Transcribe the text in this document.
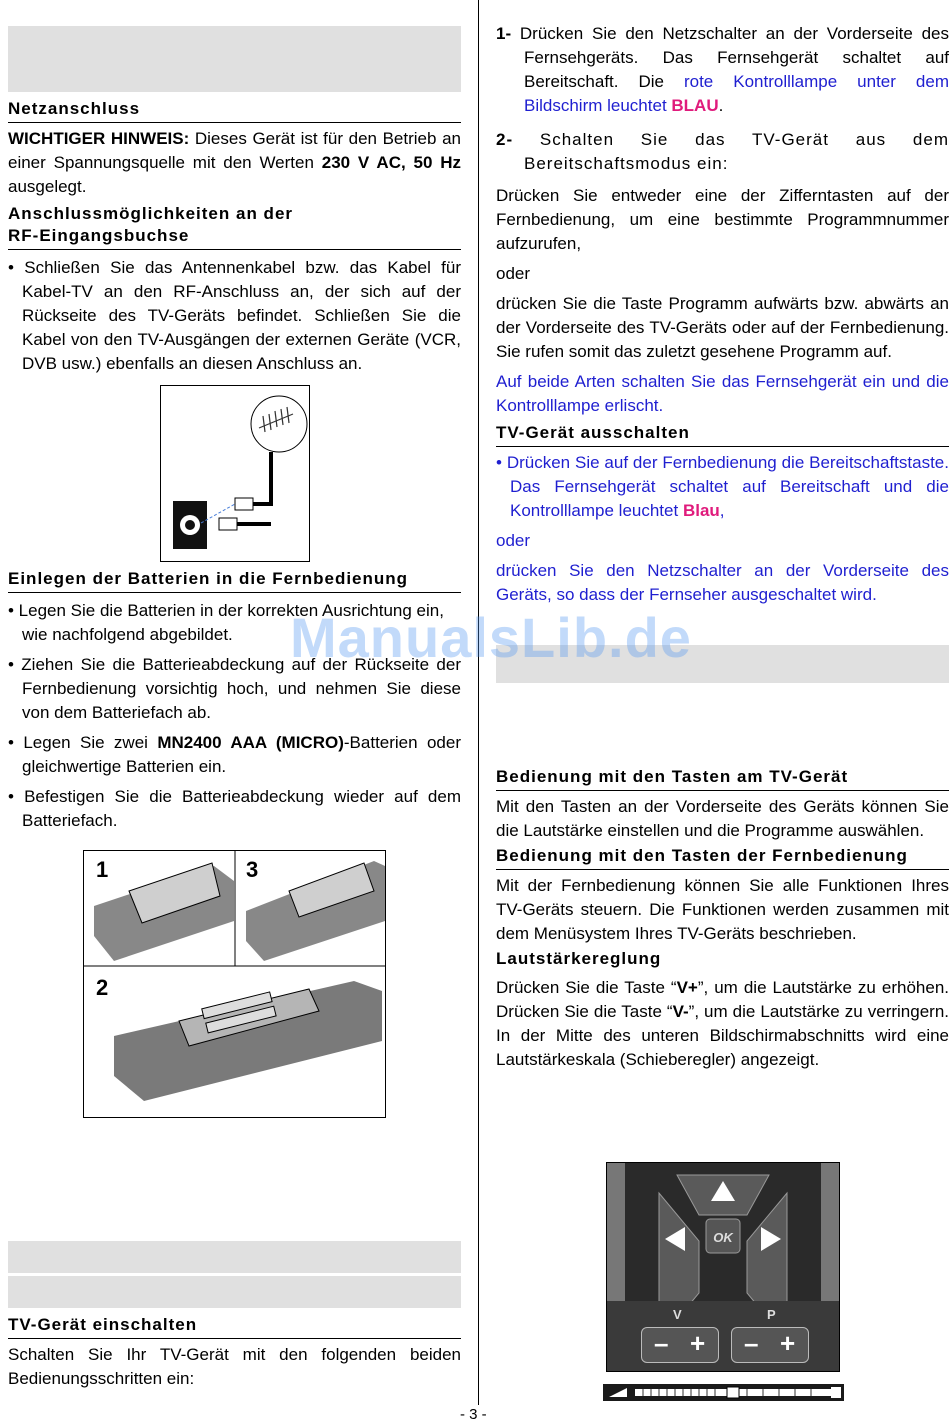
Netzanschluss

WICHTIGER HINWEIS: Dieses Gerät ist für den Betrieb an einer Spannungsquelle mit den Werten 230 V AC, 50 Hz ausgelegt.

Anschlussmöglichkeiten an der
RF-Eingangsbuchse

• Schließen Sie das Antennenkabel bzw. das Kabel für Kabel-TV an den RF-Anschluss an, der sich auf der Rückseite des TV-Geräts befindet. Schließen Sie die Kabel von den TV-Ausgängen der externen Geräte (VCR, DVB usw.) ebenfalls an diesen Anschluss an.

Einlegen der Batterien in die Fernbedienung

• Legen Sie die Batterien in der korrekten Ausrichtung ein, wie nachfolgend abgebildet.

• Ziehen Sie die Batterieabdeckung auf der Rückseite der Fernbedienung vorsichtig hoch, und nehmen Sie diese von dem Batteriefach ab.

• Legen Sie zwei MN2400 AAA (MICRO)-Batterien oder gleichwertige Batterien ein.

• Befestigen Sie die Batterieabdeckung wieder auf dem Batteriefach.

1	3
2
TV-Gerät einschalten

Schalten Sie Ihr TV-Gerät mit den folgenden beiden Bedienungsschritten ein:

1- Drücken Sie den Netzschalter an der Vorderseite des Fernsehgeräts. Das Fernsehgerät schaltet auf Bereitschaft. Die rote Kontrolllampe unter dem Bildschirm leuchtet BLAU.

2- Schalten Sie das TV-Gerät aus dem Bereitschaftsmodus ein:

Drücken Sie entweder eine der Zifferntasten auf der Fernbedienung, um eine bestimmte Programmnummer aufzurufen,

oder

drücken Sie die Taste Programm aufwärts bzw. abwärts an der Vorderseite des TV-Geräts oder auf der Fernbedienung. Sie rufen somit das zuletzt gesehene Programm auf.

Auf beide Arten schalten Sie das Fernsehgerät ein und die Kontrolllampe erlischt.

TV-Gerät ausschalten

• Drücken Sie auf der Fernbedienung die Bereitschaftstaste. Das Fernsehgerät schaltet auf Bereitschaft und die Kontrolllampe leuchtet Blau,

oder

drücken Sie den Netzschalter an der Vorderseite des Geräts, so dass der Fernseher ausgeschaltet wird.

Bedienung mit den Tasten am TV-Gerät

Mit den Tasten an der Vorderseite des Geräts können Sie die Lautstärke einstellen und die Programme auswählen.

Bedienung mit den Tasten der Fernbedienung

Mit der Fernbedienung können Sie alle Funktionen Ihres TV-Geräts steuern. Die Funktionen werden zusammen mit dem Menüsystem Ihres TV-Geräts beschrieben.

Lautstärkereglung

Drücken Sie die Taste “V+”, um die Lautstärke zu erhöhen. Drücken Sie die Taste “V-”, um die Lautstärke zu verringern. In der Mitte des unteren Bildschirmabschnitts wird eine Lautstärkeskala (Schieberegler) angezeigt.

OK
V	P
– + – +
ManualsLib.de
- 3 -
